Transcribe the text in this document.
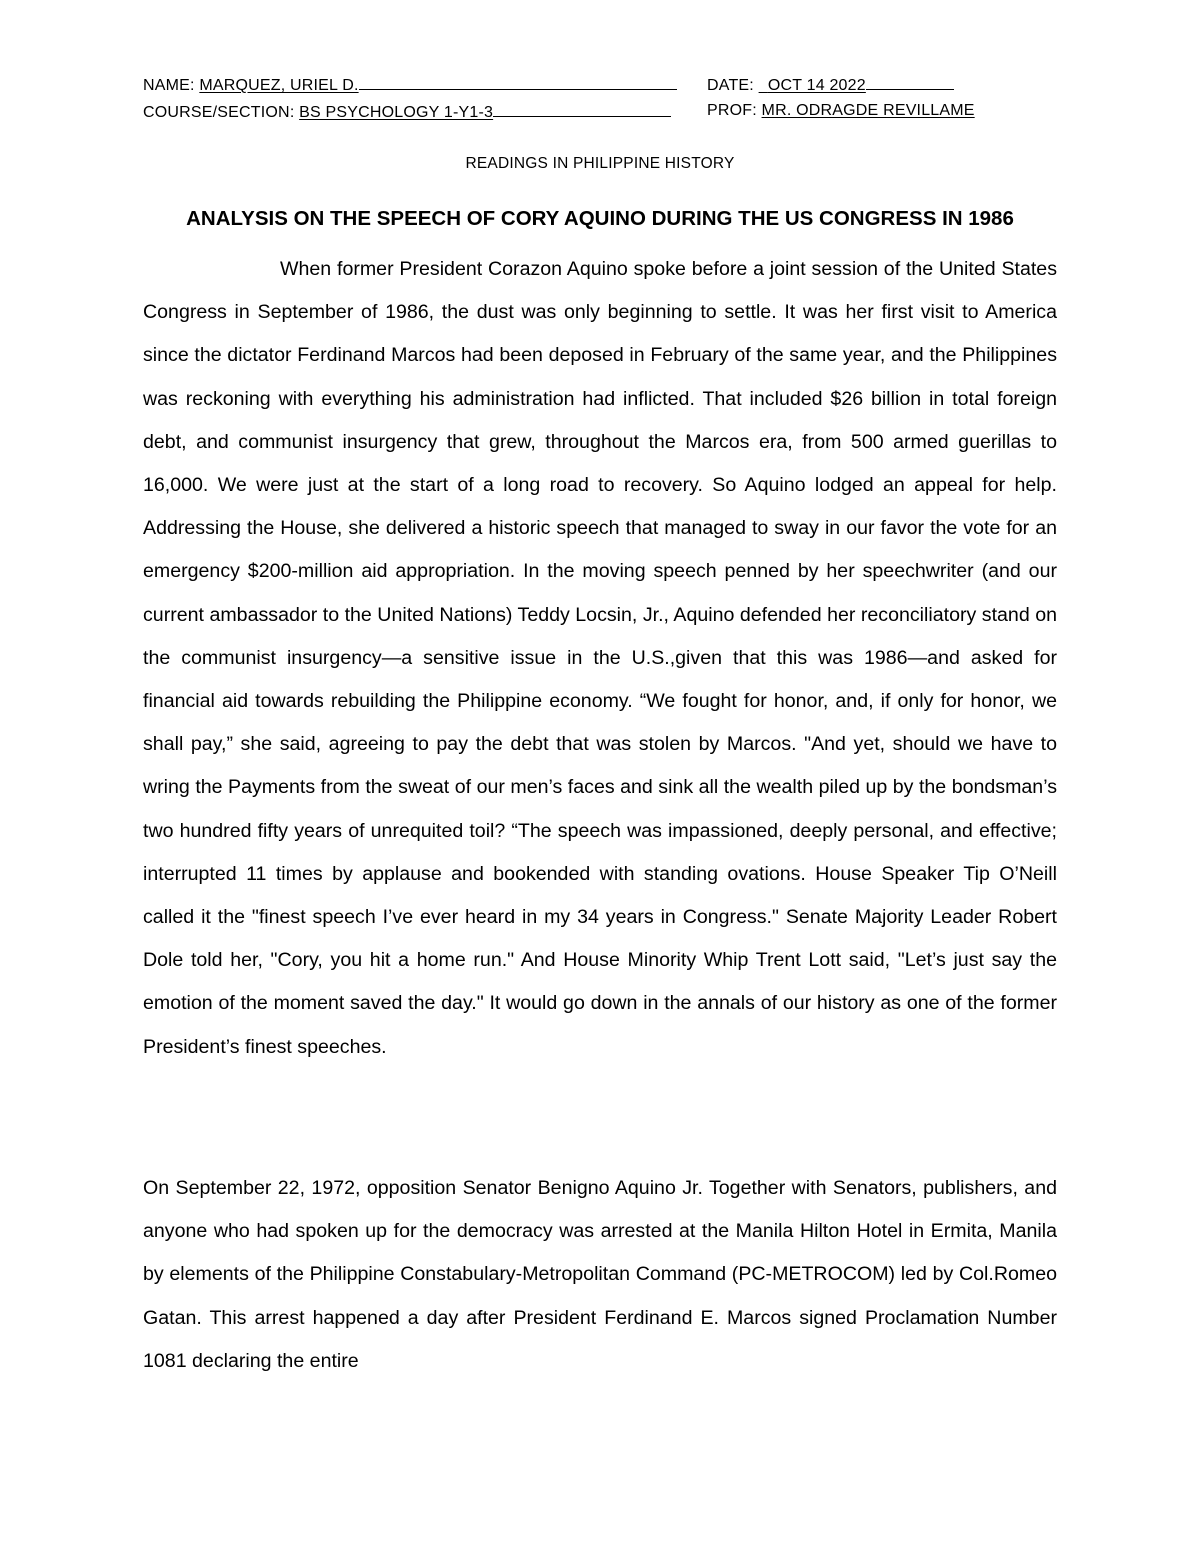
NAME: MARQUEZ, URIEL D.	DATE: OCT 14 2022
COURSE/SECTION: BS PSYCHOLOGY 1-Y1-3	PROF: MR. ODRAGDE REVILLAME
READINGS IN PHILIPPINE HISTORY
ANALYSIS ON THE SPEECH OF CORY AQUINO DURING THE US CONGRESS IN 1986
When former President Corazon Aquino spoke before a joint session of the United States Congress in September of 1986, the dust was only beginning to settle. It was her first visit to America since the dictator Ferdinand Marcos had been deposed in February of the same year, and the Philippines was reckoning with everything his administration had inflicted. That included $26 billion in total foreign debt, and communist insurgency that grew, throughout the Marcos era, from 500 armed guerillas to 16,000. We were just at the start of a long road to recovery. So Aquino lodged an appeal for help. Addressing the House, she delivered a historic speech that managed to sway in our favor the vote for an emergency $200-million aid appropriation. In the moving speech penned by her speechwriter (and our current ambassador to the United Nations) Teddy Locsin, Jr., Aquino defended her reconciliatory stand on the communist insurgency—a sensitive issue in the U.S.,given that this was 1986—and asked for financial aid towards rebuilding the Philippine economy. “We fought for honor, and, if only for honor, we shall pay,” she said, agreeing to pay the debt that was stolen by Marcos. "And yet, should we have to wring the Payments from the sweat of our men’s faces and sink all the wealth piled up by the bondsman’s two hundred fifty years of unrequited toil? “The speech was impassioned, deeply personal, and effective; interrupted 11 times by applause and bookended with standing ovations. House Speaker Tip O’Neill called it the "finest speech I’ve ever heard in my 34 years in Congress." Senate Majority Leader Robert Dole told her, "Cory, you hit a home run." And House Minority Whip Trent Lott said, "Let’s just say the emotion of the moment saved the day." It would go down in the annals of our history as one of the former President’s finest speeches.
On September 22, 1972, opposition Senator Benigno Aquino Jr. Together with Senators, publishers, and anyone who had spoken up for the democracy was arrested at the Manila Hilton Hotel in Ermita, Manila by elements of the Philippine Constabulary-Metropolitan Command (PC-METROCOM) led by Col.Romeo Gatan. This arrest happened a day after President Ferdinand E. Marcos signed Proclamation Number 1081 declaring the entire
